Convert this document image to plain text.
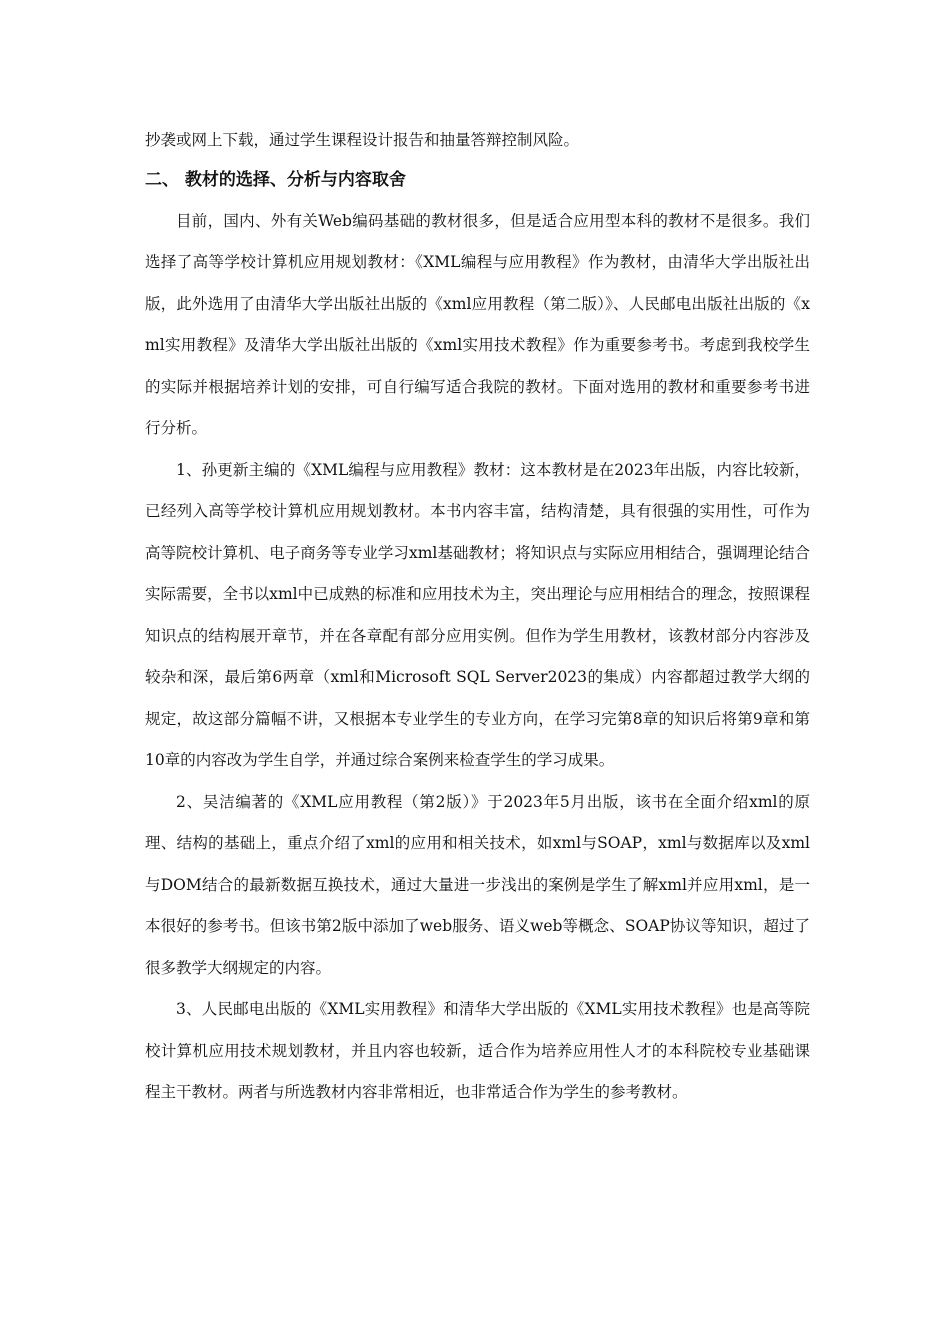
抄袭或网上下载，通过学生课程设计报告和抽量答辩控制风险。

二、 教材的选择、分析与内容取舍

目前，国内、外有关Web编码基础的教材很多，但是适合应用型本科的教材不是很多。我们选择了高等学校计算机应用规划教材：《XML编程与应用教程》作为教材，由清华大学出版社出版，此外选用了由清华大学出版社出版的《xml应用教程（第二版）》、人民邮电出版社出版的《xml实用教程》及清华大学出版社出版的《xml实用技术教程》作为重要参考书。考虑到我校学生的实际并根据培养计划的安排，可自行编写适合我院的教材。下面对选用的教材和重要参考书进行分析。

1、孙更新主编的《XML编程与应用教程》教材：这本教材是在2023年出版，内容比较新，已经列入高等学校计算机应用规划教材。本书内容丰富，结构清楚，具有很强的实用性，可作为高等院校计算机、电子商务等专业学习xml基础教材；将知识点与实际应用相结合，强调理论结合实际需要，全书以xml中已成熟的标准和应用技术为主，突出理论与应用相结合的理念，按照课程知识点的结构展开章节，并在各章配有部分应用实例。但作为学生用教材，该教材部分内容涉及较杂和深，最后第6两章（xml和Microsoft SQL Server2023的集成）内容都超过教学大纲的规定，故这部分篇幅不讲，又根据本专业学生的专业方向，在学习完第8章的知识后将第9章和第10章的内容改为学生自学，并通过综合案例来检查学生的学习成果。

2、吴洁编著的《XML应用教程（第2版）》于2023年5月出版，该书在全面介绍xml的原理、结构的基础上，重点介绍了xml的应用和相关技术，如xml与SOAP，xml与数据库以及xml与DOM结合的最新数据互换技术，通过大量进一步浅出的案例是学生了解xml并应用xml，是一本很好的参考书。但该书第2版中添加了web服务、语义web等概念、SOAP协议等知识，超过了很多教学大纲规定的内容。

3、人民邮电出版的《XML实用教程》和清华大学出版的《XML实用技术教程》也是高等院校计算机应用技术规划教材，并且内容也较新，适合作为培养应用性人才的本科院校专业基础课程主干教材。两者与所选教材内容非常相近，也非常适合作为学生的参考教材。
